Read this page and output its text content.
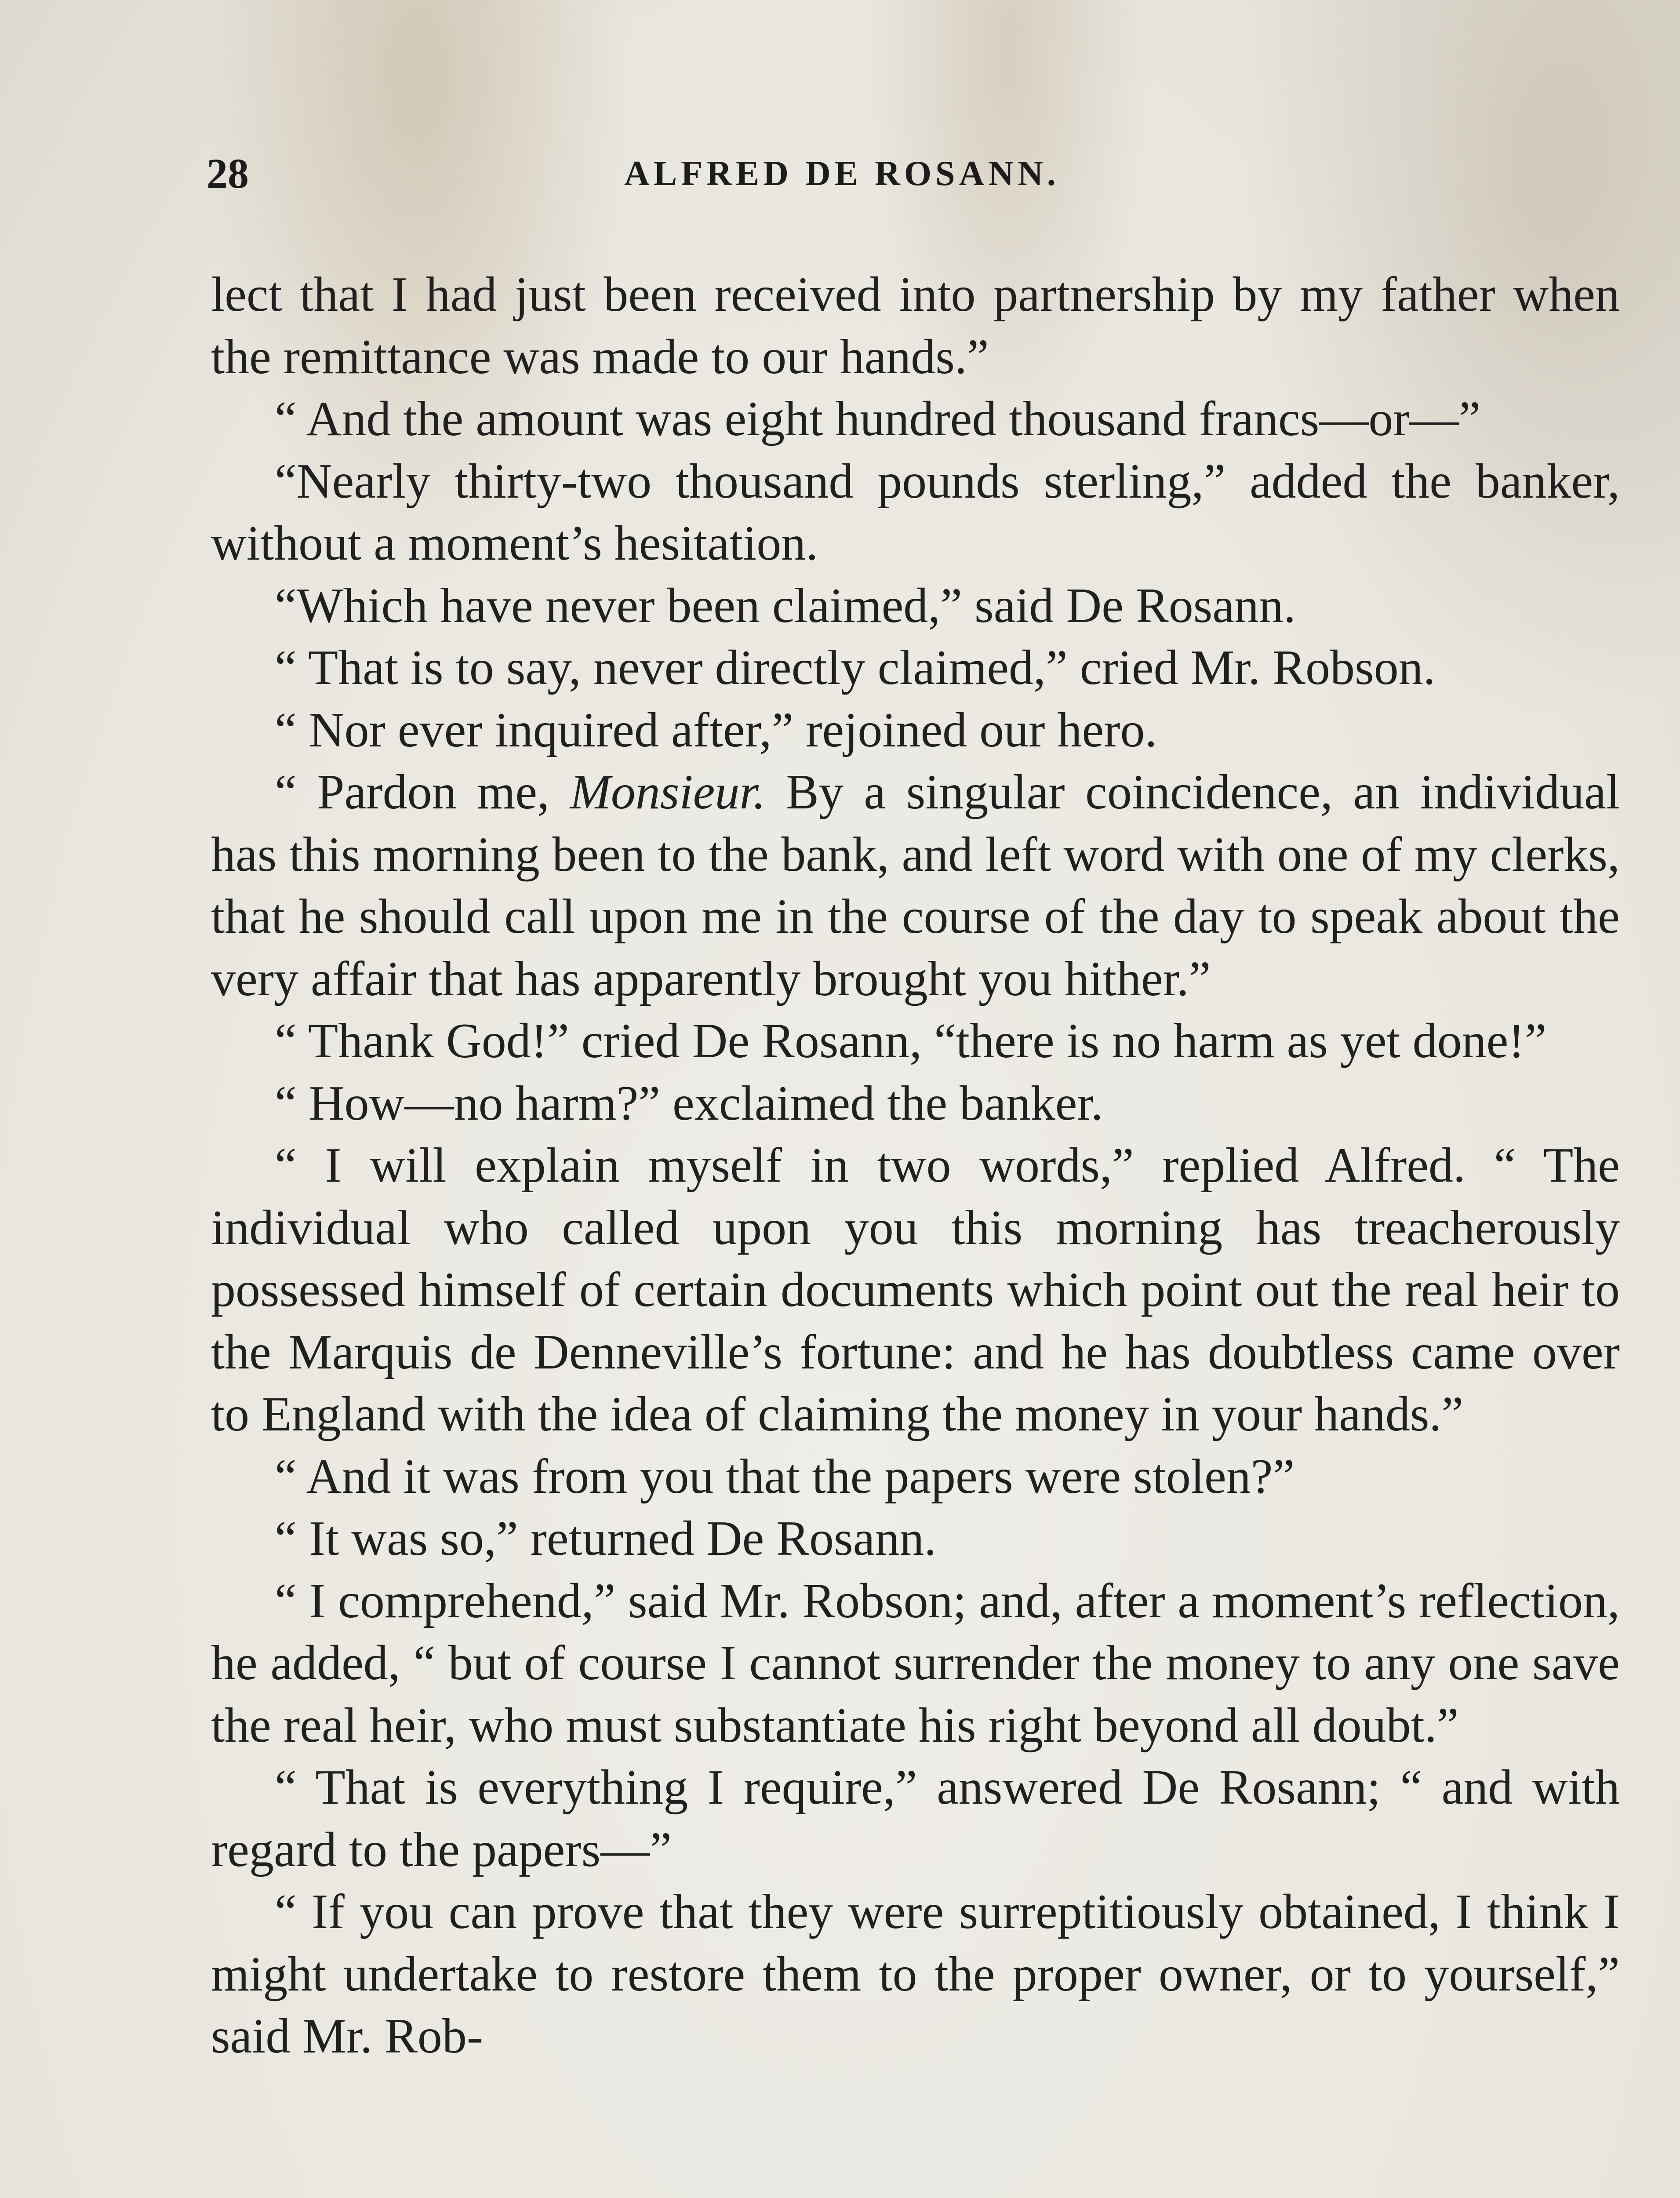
28	ALFRED DE ROSANN.

lect that I had just been received into partnership by my father when the remittance was made to our hands.”

“ And the amount was eight hundred thousand francs—or—”

“Nearly thirty-two thousand pounds sterling,” added the banker, without a moment’s hesitation.

“Which have never been claimed,” said De Rosann.

“ That is to say, never directly claimed,” cried Mr. Robson.

“ Nor ever inquired after,” rejoined our hero.

“ Pardon me, Monsieur. By a singular coincidence, an individual has this morning been to the bank, and left word with one of my clerks, that he should call upon me in the course of the day to speak about the very affair that has apparently brought you hither.”

“ Thank God!” cried De Rosann, “there is no harm as yet done!”

“ How—no harm?” exclaimed the banker.

“ I will explain myself in two words,” replied Alfred. “ The individual who called upon you this morning has treacherously possessed himself of certain documents which point out the real heir to the Marquis de Denneville’s fortune: and he has doubtless came over to England with the idea of claiming the money in your hands.”

“ And it was from you that the papers were stolen?”

“ It was so,” returned De Rosann.

“ I comprehend,” said Mr. Robson; and, after a moment’s reflection, he added, “ but of course I cannot surrender the money to any one save the real heir, who must substantiate his right beyond all doubt.”

“ That is everything I require,” answered De Rosann; “ and with regard to the papers—”

“ If you can prove that they were surreptitiously obtained, I think I might undertake to restore them to the proper owner, or to yourself,” said Mr. Rob-
